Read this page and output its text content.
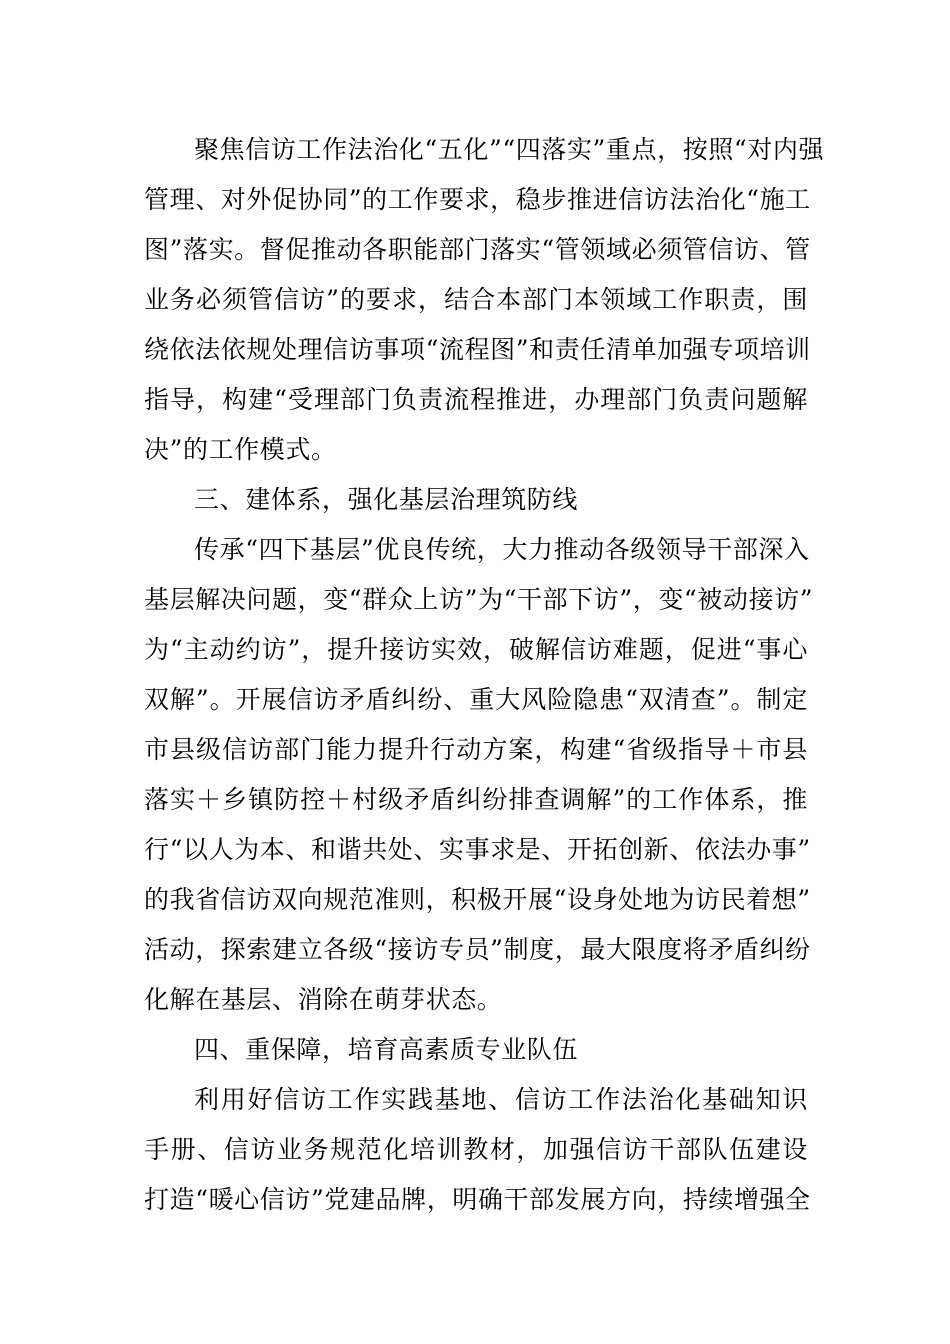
聚焦信访工作法治化“五化”“四落实”重点，按照“对内强
管理、对外促协同”的工作要求，稳步推进信访法治化“施工
图”落实。督促推动各职能部门落实“管领域必须管信访、管
业务必须管信访”的要求，结合本部门本领域工作职责，围
绕依法依规处理信访事项“流程图”和责任清单加强专项培训
指导，构建“受理部门负责流程推进，办理部门负责问题解
决”的工作模式。
三、建体系，强化基层治理筑防线
传承“四下基层”优良传统，大力推动各级领导干部深入
基层解决问题，变“群众上访”为“干部下访”，变“被动接访”
为“主动约访”，提升接访实效，破解信访难题，促进“事心
双解”。开展信访矛盾纠纷、重大风险隐患“双清查”。制定
市县级信访部门能力提升行动方案，构建“省级指导＋市县
落实＋乡镇防控＋村级矛盾纠纷排查调解”的工作体系，推
行“以人为本、和谐共处、实事求是、开拓创新、依法办事”
的我省信访双向规范准则，积极开展“设身处地为访民着想”
活动，探索建立各级“接访专员”制度，最大限度将矛盾纠纷
化解在基层、消除在萌芽状态。
四、重保障，培育高素质专业队伍
利用好信访工作实践基地、信访工作法治化基础知识
手册、信访业务规范化培训教材，加强信访干部队伍建设
打造“暖心信访”党建品牌，明确干部发展方向，持续增强全
